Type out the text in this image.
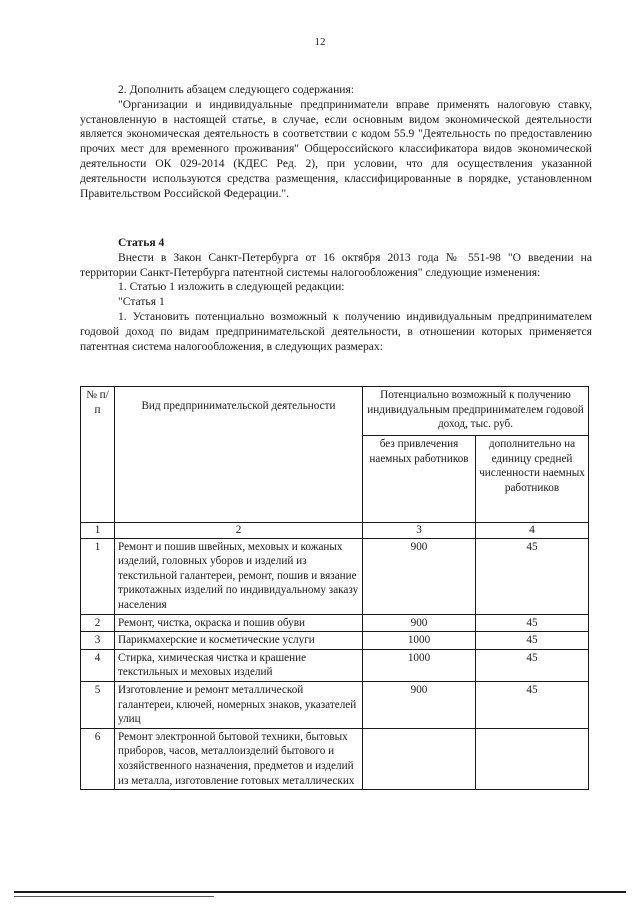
12

2. Дополнить абзацем следующего содержания:

"Организации и индивидуальные предприниматели вправе применять налоговую ставку, установленную в настоящей статье, в случае, если основным видом экономической деятельности является экономическая деятельность в соответствии с кодом 55.9 "Деятельность по предоставлению прочих мест для временного проживания" Общероссийского классификатора видов экономической деятельности ОК 029-2014 (КДЕС Ред. 2), при условии, что для осуществления указанной деятельности используются средства размещения, классифицированные в порядке, установленном Правительством Российской Федерации.".

Статья 4

Внести в Закон Санкт-Петербурга от 16 октября 2013 года № 551-98 "О введении на территории Санкт-Петербурга патентной системы налогообложения" следующие изменения:

1. Статью 1 изложить в следующей редакции:

"Статья 1

1. Установить потенциально возможный к получению индивидуальным предпринимателем годовой доход по видам предпринимательской деятельности, в отношении которых применяется патентная система налогообложения, в следующих размерах:

№ п/п	Вид предпринимательской деятельности	Потенциально возможный к получению индивидуальным предпринимателем годовой доход, тыс. руб.	
		без привлечения наемных работников	дополнительно на единицу средней численности наемных работников
1	2	3	4
1	Ремонт и пошив швейных, меховых и кожаных изделий, головных уборов и изделий из текстильной галантереи, ремонт, пошив и вязание трикотажных изделий по индивидуальному заказу населения	900	45
2	Ремонт, чистка, окраска и пошив обуви	900	45
3	Парикмахерские и косметические услуги	1000	45
4	Стирка, химическая чистка и крашение текстильных и меховых изделий	1000	45
5	Изготовление и ремонт металлической галантереи, ключей, номерных знаков, указателей улиц	900	45
6	Ремонт электронной бытовой техники, бытовых приборов, часов, металлоизделий бытового и хозяйственного назначения, предметов и изделий из металла, изготовление готовых металлических		
